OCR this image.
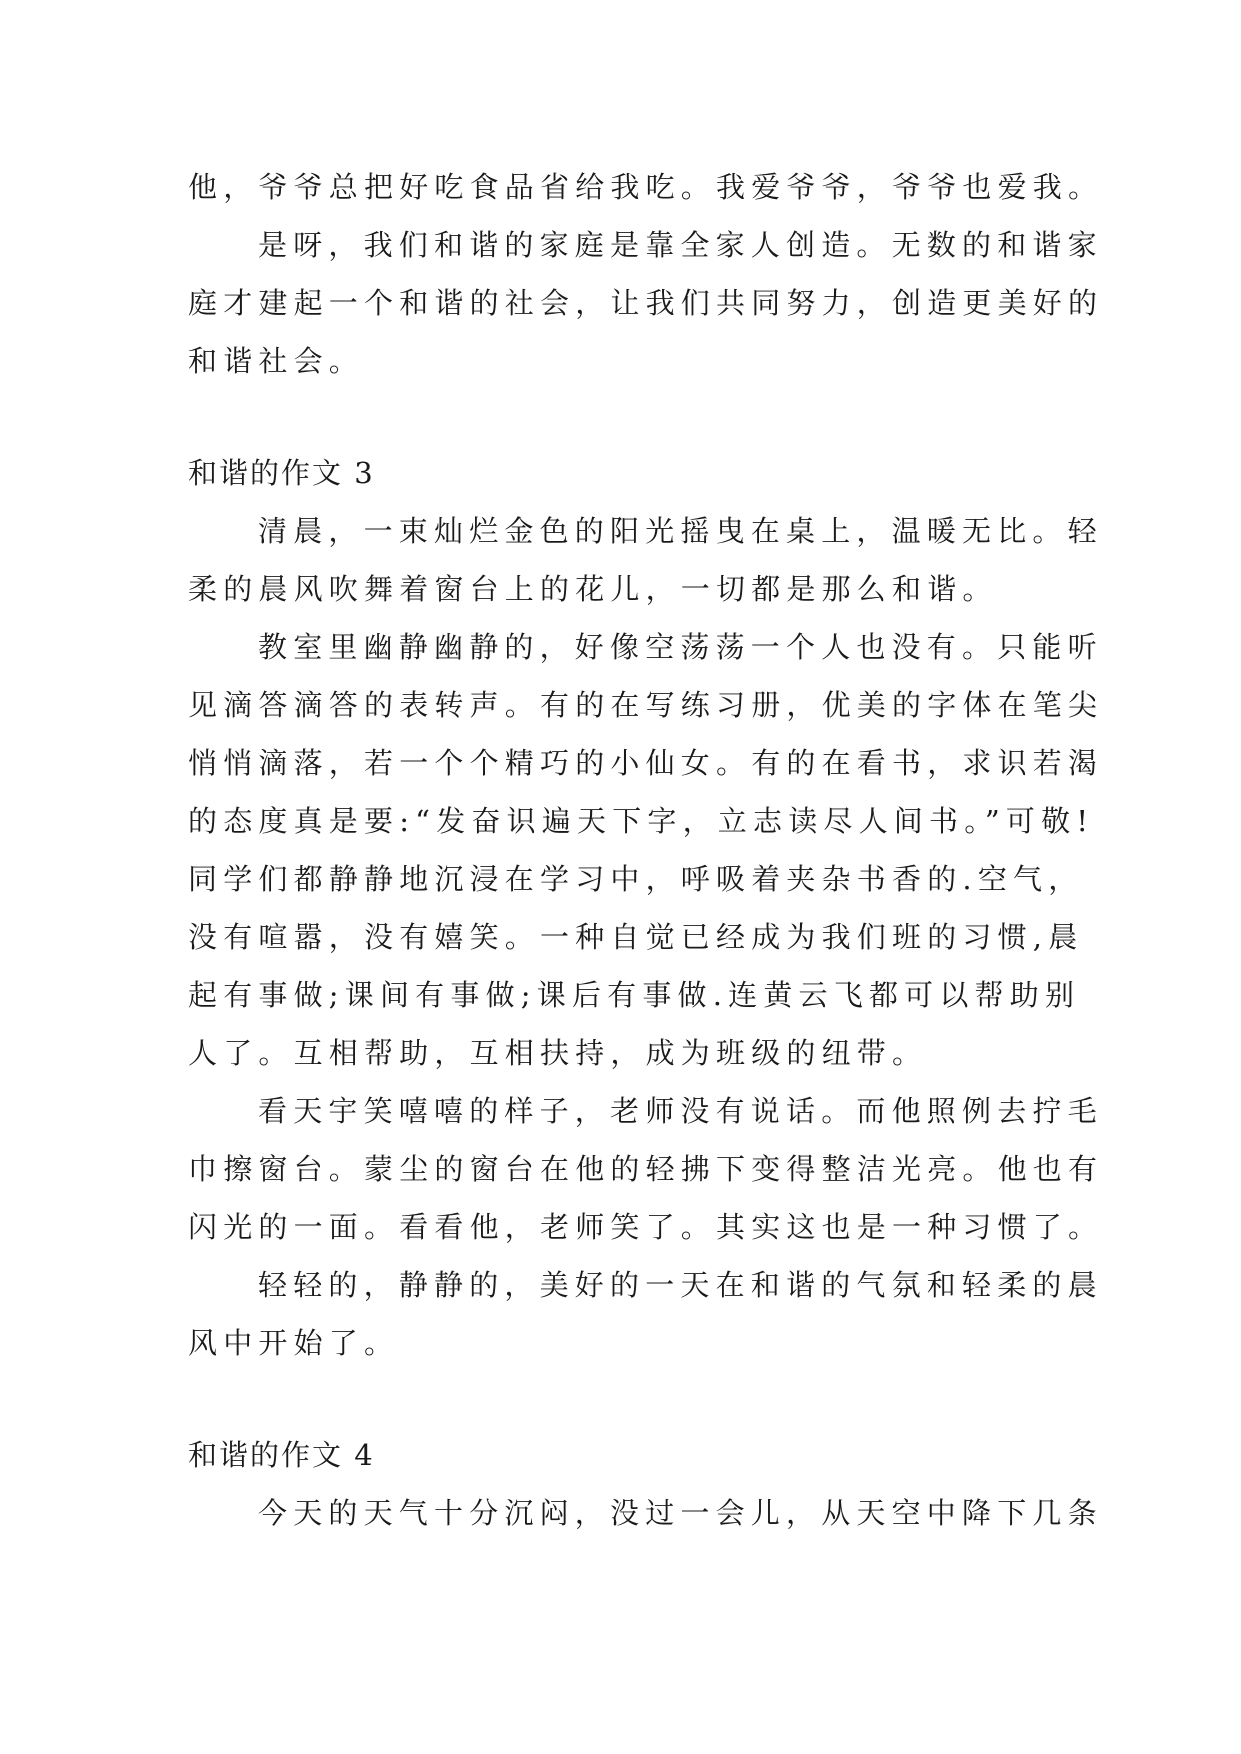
他，爷爷总把好吃食品省给我吃。我爱爷爷，爷爷也爱我。
是呀，我们和谐的家庭是靠全家人创造。无数的和谐家
庭才建起一个和谐的社会，让我们共同努力，创造更美好的
和谐社会。
和谐的作文 3
清晨，一束灿烂金色的阳光摇曳在桌上，温暖无比。轻
柔的晨风吹舞着窗台上的花儿，一切都是那么和谐。
教室里幽静幽静的，好像空荡荡一个人也没有。只能听
见滴答滴答的表转声。有的在写练习册，优美的字体在笔尖
悄悄滴落，若一个个精巧的小仙女。有的在看书，求识若渴
的态度真是要:“发奋识遍天下字，立志读尽人间书。”可敬!
同学们都静静地沉浸在学习中，呼吸着夹杂书香的.空气，
没有喧嚣，没有嬉笑。一种自觉已经成为我们班的习惯,晨
起有事做;课间有事做;课后有事做.连黄云飞都可以帮助别
人了。互相帮助，互相扶持，成为班级的纽带。
看天宇笑嘻嘻的样子，老师没有说话。而他照例去拧毛
巾擦窗台。蒙尘的窗台在他的轻拂下变得整洁光亮。他也有
闪光的一面。看看他，老师笑了。其实这也是一种习惯了。
轻轻的，静静的，美好的一天在和谐的气氛和轻柔的晨
风中开始了。
和谐的作文 4
今天的天气十分沉闷，没过一会儿，从天空中降下几条
